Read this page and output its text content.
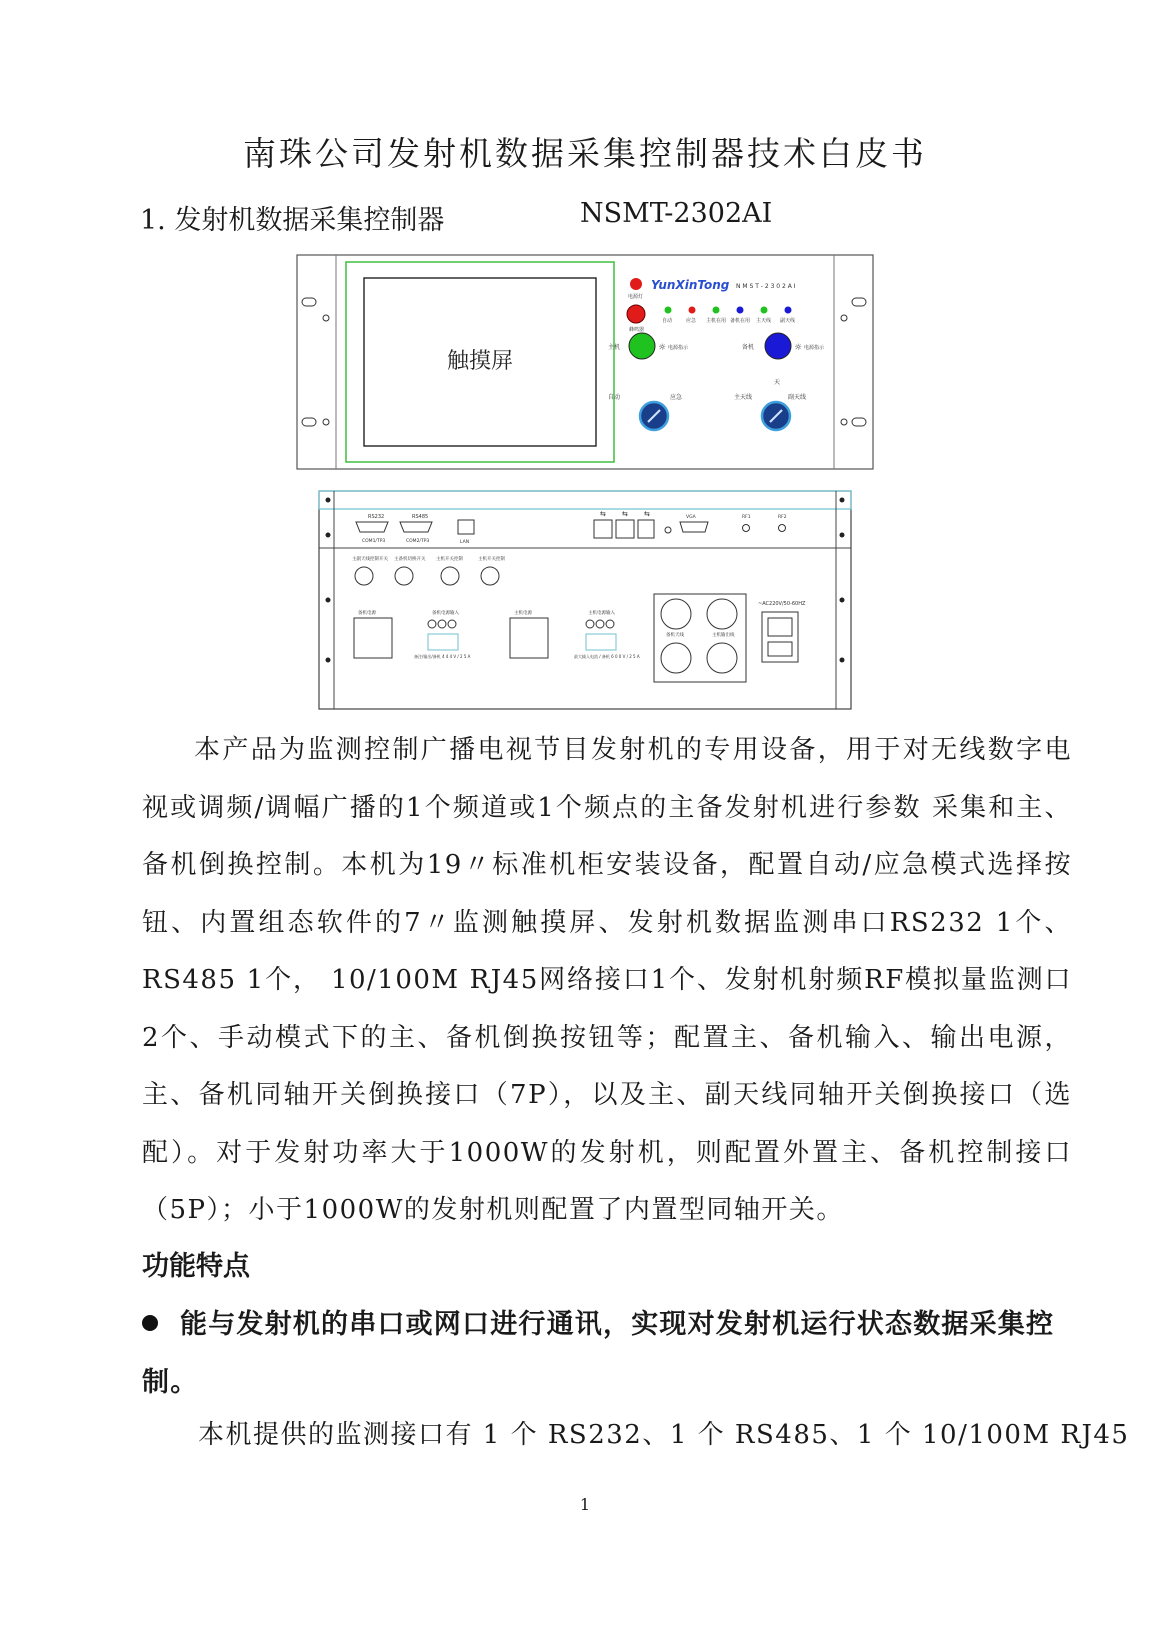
南珠公司发射机数据采集控制器技术白皮书
1. 发射机数据采集控制器	NSMT-2302AI
触摸屏
YunXinTong N M S T - 2 3 0 2 A I
电源灯
蜂鸣器
自动	应急 主机在用 备机在用 主天线 副天线
主机	☼ 电源指示	备机	☼ 电源指示
自动	应急
天
主天线	副天线
RS232
COM1/TP3
RS485
COM2/TP3	LAN
⇆ ⇆ ⇆	VGA	RF1	RF2
主副天线控制开关 主备机切换开关 主机开关控制	主机开关控制
备机电源	备机电源输入
备注/输出/备机 4 4 4 V / 2 5 A
主机电源	主机电源输入
最大输入电流 / 备机 6 0 0 V / 2 5 A
备机天线	主机输出线
~AC220V/50-60HZ
本产品为监测控制广播电视节目发射机的专用设备，用于对无线数字电视或调频/调幅广播的1个频道或1个频点的主备发射机进行参数 采集和主、备机倒换控制。本机为19〃标准机柜安装设备，配置自动/应急模式选择按钮、内置组态软件的7〃监测触摸屏、发射机数据监测串口RS232 1个、RS485 1个， 10/100M RJ45网络接口1个、发射机射频RF模拟量监测口2个、手动模式下的主、备机倒换按钮等；配置主、备机输入、输出电源，主、备机同轴开关倒换接口（7P），以及主、副天线同轴开关倒换接口（选配）。对于发射功率大于1000W的发射机，则配置外置主、备机控制接口（5P）；小于1000W的发射机则配置了内置型同轴开关。
功能特点
能与发射机的串口或网口进行通讯，实现对发射机运行状态数据采集控制。
本机提供的监测接口有 1 个 RS232、1 个 RS485、1 个 10/100M RJ45
1
